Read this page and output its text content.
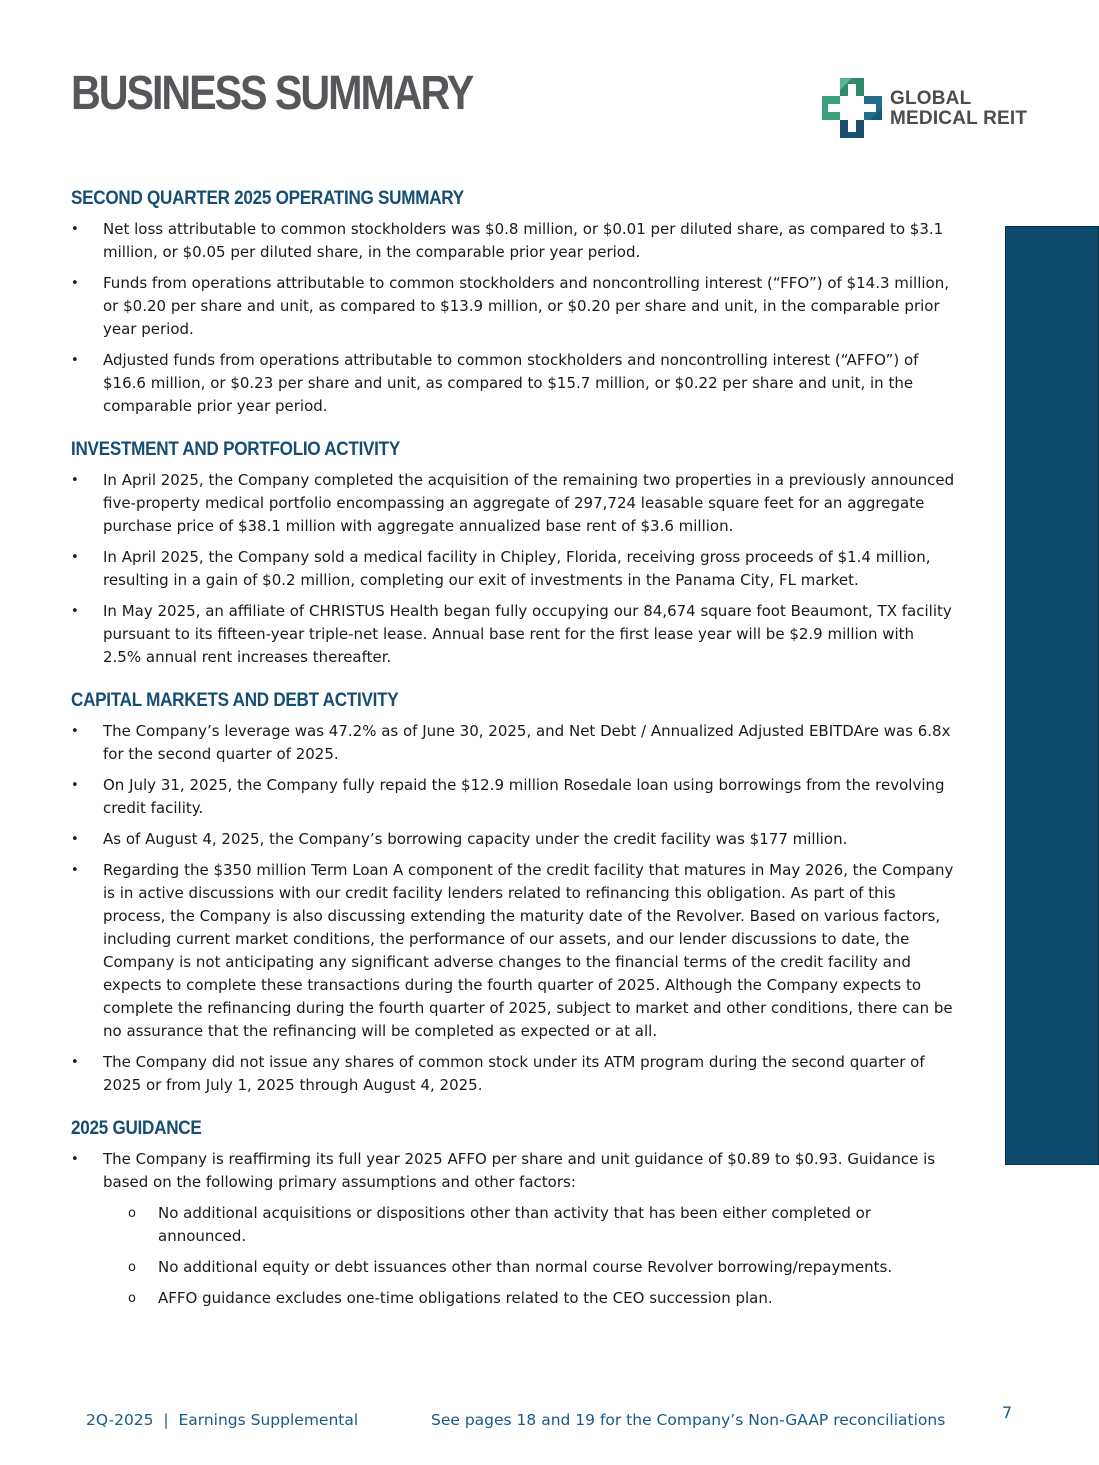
BUSINESS SUMMARY	GLOBAL
MEDICAL REIT
SECOND QUARTER 2025 OPERATING SUMMARY
• Net loss attributable to common stockholders was $0.8 million, or $0.01 per diluted share, as compared to $3.1 million, or $0.05 per diluted share, in the comparable prior year period.
• Funds from operations attributable to common stockholders and noncontrolling interest (“FFO”) of $14.3 million, or $0.20 per share and unit, as compared to $13.9 million, or $0.20 per share and unit, in the comparable prior year period.
• Adjusted funds from operations attributable to common stockholders and noncontrolling interest (“AFFO”) of $16.6 million, or $0.23 per share and unit, as compared to $15.7 million, or $0.22 per share and unit, in the comparable prior year period.
INVESTMENT AND PORTFOLIO ACTIVITY
• In April 2025, the Company completed the acquisition of the remaining two properties in a previously announced five-property medical portfolio encompassing an aggregate of 297,724 leasable square feet for an aggregate purchase price of $38.1 million with aggregate annualized base rent of $3.6 million.
• In April 2025, the Company sold a medical facility in Chipley, Florida, receiving gross proceeds of $1.4 million, resulting in a gain of $0.2 million, completing our exit of investments in the Panama City, FL market.
• In May 2025, an affiliate of CHRISTUS Health began fully occupying our 84,674 square foot Beaumont, TX facility pursuant to its fifteen-year triple-net lease. Annual base rent for the first lease year will be $2.9 million with 2.5% annual rent increases thereafter.
CAPITAL MARKETS AND DEBT ACTIVITY
• The Company’s leverage was 47.2% as of June 30, 2025, and Net Debt / Annualized Adjusted EBITDAre was 6.8x for the second quarter of 2025.
• On July 31, 2025, the Company fully repaid the $12.9 million Rosedale loan using borrowings from the revolving credit facility.
• As of August 4, 2025, the Company’s borrowing capacity under the credit facility was $177 million.
• Regarding the $350 million Term Loan A component of the credit facility that matures in May 2026, the Company is in active discussions with our credit facility lenders related to refinancing this obligation. As part of this process, the Company is also discussing extending the maturity date of the Revolver. Based on various factors, including current market conditions, the performance of our assets, and our lender discussions to date, the Company is not anticipating any significant adverse changes to the financial terms of the credit facility and expects to complete these transactions during the fourth quarter of 2025. Although the Company expects to complete the refinancing during the fourth quarter of 2025, subject to market and other conditions, there can be no assurance that the refinancing will be completed as expected or at all.
• The Company did not issue any shares of common stock under its ATM program during the second quarter of 2025 or from July 1, 2025 through August 4, 2025.
2025 GUIDANCE
• The Company is reaffirming its full year 2025 AFFO per share and unit guidance of $0.89 to $0.93. Guidance is based on the following primary assumptions and other factors:
o No additional acquisitions or dispositions other than activity that has been either completed or announced.
o No additional equity or debt issuances other than normal course Revolver borrowing/repayments.
o AFFO guidance excludes one-time obligations related to the CEO succession plan.
2Q-2025  |  Earnings Supplemental	See pages 18 and 19 for the Company’s Non-GAAP reconciliations	7
